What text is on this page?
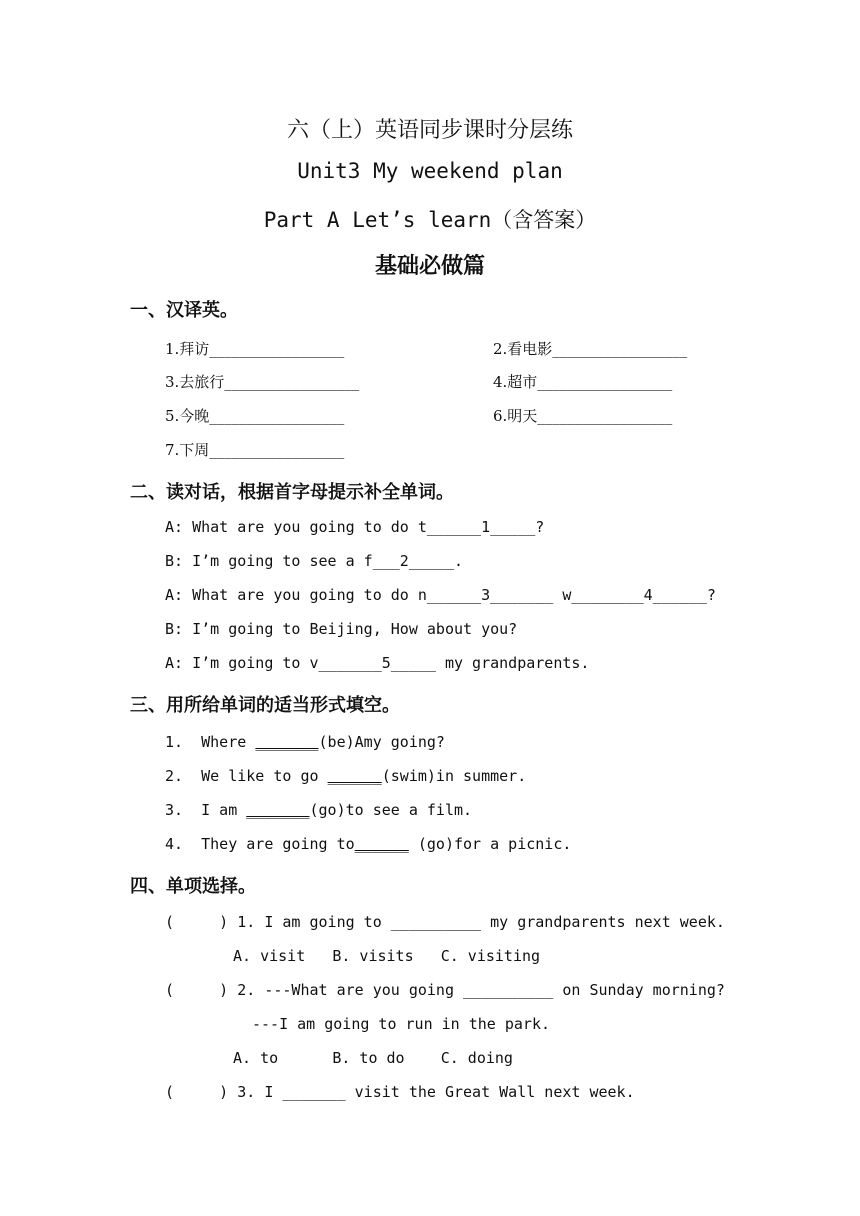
六（上）英语同步课时分层练
Unit3 My weekend plan
Part A Let’s learn（含答案）
基础必做篇
一、汉译英。
1.拜访__________________	2.看电影__________________
3.去旅行__________________	4.超市__________________
5.今晚__________________	6.明天__________________
7.下周__________________
二、读对话，根据首字母提示补全单词。
A: What are you going to do t______1_____?
B: I’m going to see a f___2_____.
A: What are you going to do n______3_______ w________4______?
B: I’m going to Beijing, How about you?
A: I’m going to v_______5_____ my grandparents.
三、用所给单词的适当形式填空。
1.  Where _______(be)Amy going?
2.  We like to go ______(swim)in summer.
3.  I am _______(go)to see a film.
4.  They are going to______ (go)for a picnic.
四、单项选择。
(     ) 1. I am going to __________ my grandparents next week.
A. visit   B. visits   C. visiting
(     ) 2. ---What are you going __________ on Sunday morning?
---I am going to run in the park.
A. to      B. to do    C. doing
(     ) 3. I _______ visit the Great Wall next week.
